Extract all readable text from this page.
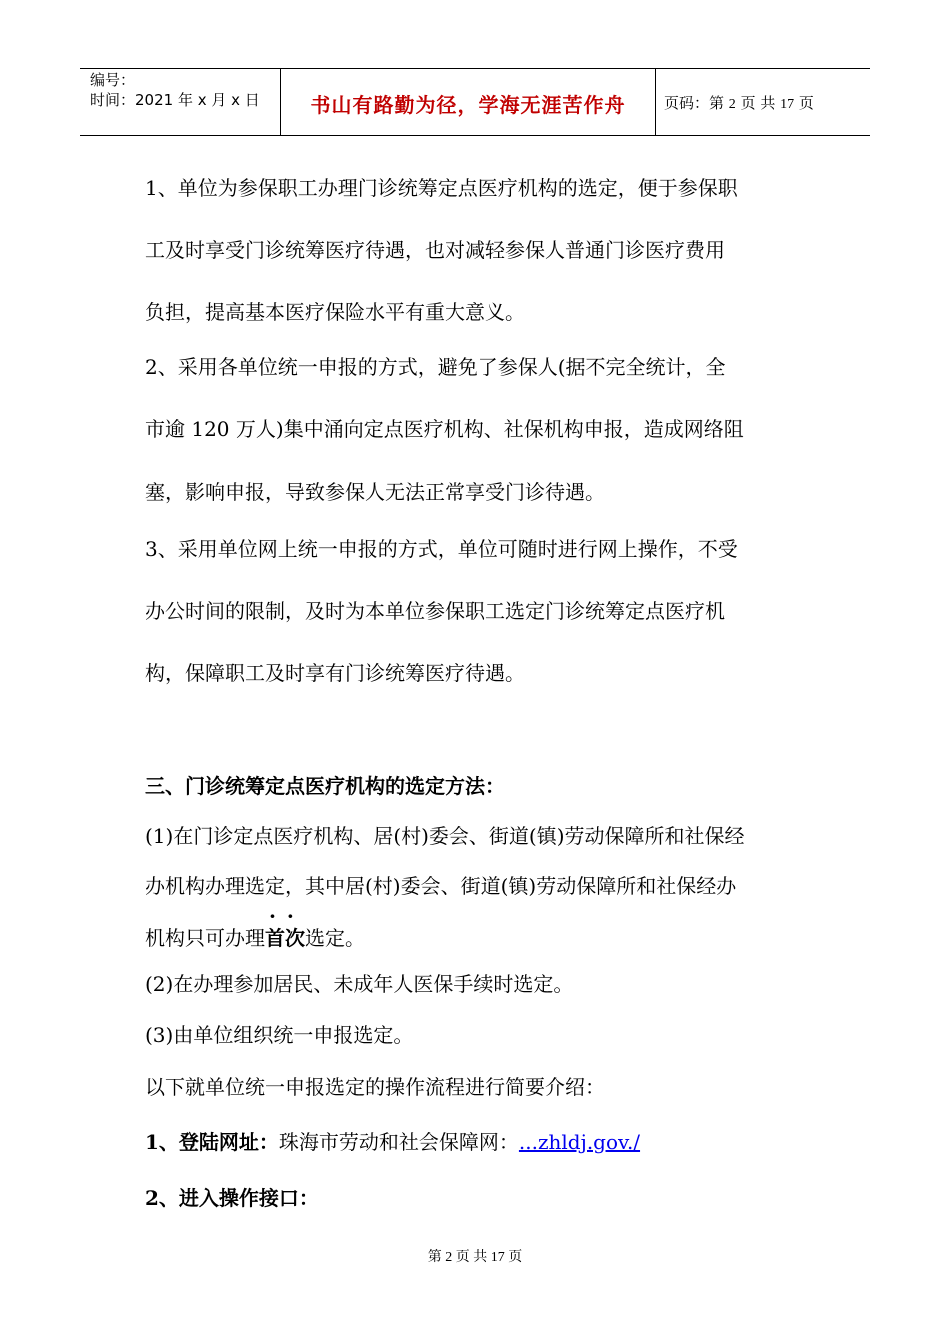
编号：
时间：2021 年 x 月 x 日	书山有路勤为径，学海无涯苦作舟	页码：第 2 页 共 17 页
1、单位为参保职工办理门诊统筹定点医疗机构的选定，便于参保职
工及时享受门诊统筹医疗待遇，也对减轻参保人普通门诊医疗费用
负担，提高基本医疗保险水平有重大意义。
2、采用各单位统一申报的方式，避免了参保人(据不完全统计，全
市逾 120 万人)集中涌向定点医疗机构、社保机构申报，造成网络阻
塞，影响申报，导致参保人无法正常享受门诊待遇。
3、采用单位网上统一申报的方式，单位可随时进行网上操作，不受
办公时间的限制，及时为本单位参保职工选定门诊统筹定点医疗机
构，保障职工及时享有门诊统筹医疗待遇。
三、门诊统筹定点医疗机构的选定方法：
(1)在门诊定点医疗机构、居(村)委会、街道(镇)劳动保障所和社保经
办机构办理选定，其中居(村)委会、街道(镇)劳动保障所和社保经办
机构只可办理· · 首次选定。
(2)在办理参加居民、未成年人医保手续时选定。
(3)由单位组织统一申报选定。
以下就单位统一申报选定的操作流程进行简要介绍：
1、登陆网址：珠海市劳动和社会保障网：...zhldj.gov./
2、进入操作接口：
第 2 页 共 17 页
